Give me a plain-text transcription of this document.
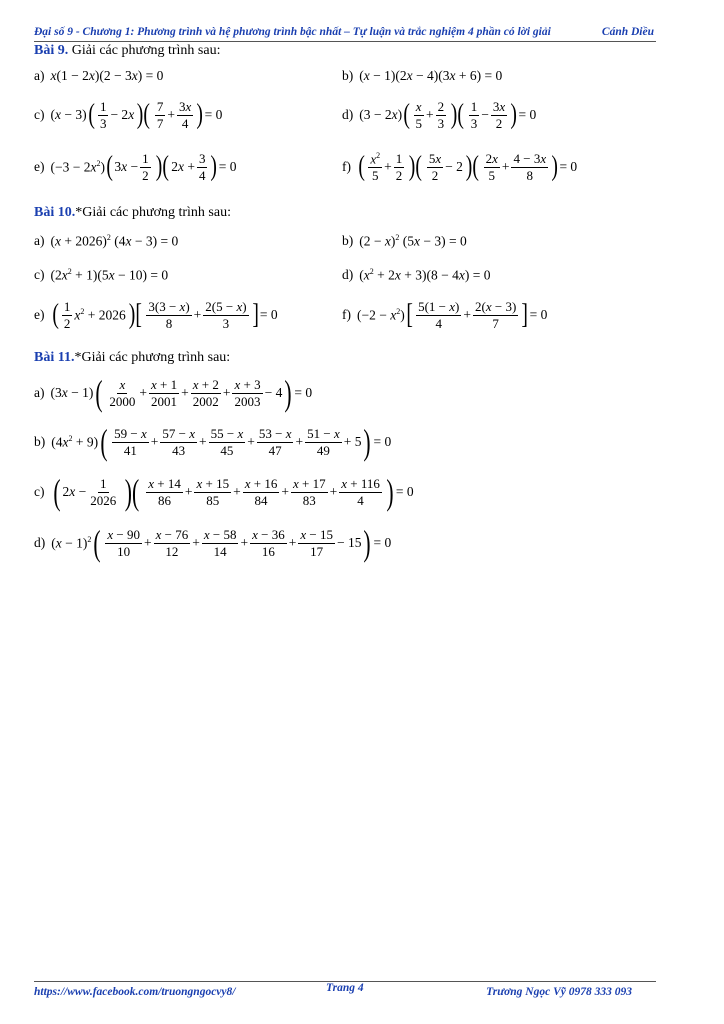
Đại số 9 - Chương 1: Phương trình và hệ phương trình bậc nhất – Tự luận và trắc nghiệm 4 phần có lời giải	Cánh Diều
Bài 9. Giải các phương trình sau:
a) x(1 − 2x)(2 − 3x) = 0	b) (x − 1)(2x − 4)(3x + 6) = 0
c) (x − 3) ( $\frac{1}{3} - 2x$ )( $\frac{7}{7} + \frac{3x}{4}$ ) = 0	d) (3 − 2x) ( $\frac{x}{5} + \frac{2}{3}$ )( $\frac{1}{3} - \frac{3x}{2}$ ) = 0
e) $(-3 - 2x^2)$ ( $3x - \frac{1}{2}$ )( $2x + \frac{3}{4}$ ) = 0	f) ( $\frac{x^2}{5} + \frac{1}{2}$ )( $\frac{5x}{2} - 2$ )( $\frac{2x}{5} + \frac{4 - 3x}{8}$ ) = 0
Bài 10.*Giải các phương trình sau:
a) $(x + 2026)^2$ (4x − 3) = 0	b) $(2 - x)^2$ (5x − 3) = 0
c) $(2x^2 + 1)(5x - 10) = 0$	d) $(x^2 + 2x + 3)(8 - 4x) = 0$
e) ( $\frac{1}{2} x^2 + 2026$ )[ $\frac{3(3 - x)}{8} + \frac{2(5 - x)}{3}$ ] = 0	f) $(-2 - x^2)$ [ $\frac{5(1 - x)}{4} + \frac{2(x - 3)}{7}$ ] = 0
Bài 11.*Giải các phương trình sau:
a) (3x − 1) ( $\frac{x}{2000} + \frac{x + 1}{2001} + \frac{x + 2}{2002} + \frac{x + 3}{2003} - 4$ ) = 0
b) $(4x^2 + 9)$ ( $\frac{59 - x}{41} + \frac{57 - x}{43} + \frac{55 - x}{45} + \frac{53 - x}{47} + \frac{51 - x}{49} + 5$ ) = 0
c) ( $2x - \frac{1}{2026}$ )( $\frac{x + 14}{86} + \frac{x + 15}{85} + \frac{x + 16}{84} + \frac{x + 17}{83} + \frac{x + 116}{4}$ ) = 0
d) $(x - 1)^2$ ( $\frac{x - 90}{10} + \frac{x - 76}{12} + \frac{x - 58}{14} + \frac{x - 36}{16} + \frac{x - 15}{17} - 15$ ) = 0
https://www.facebook.com/truongngocvy8/	Trang 4	Trương Ngọc Vỹ 0978 333 093
